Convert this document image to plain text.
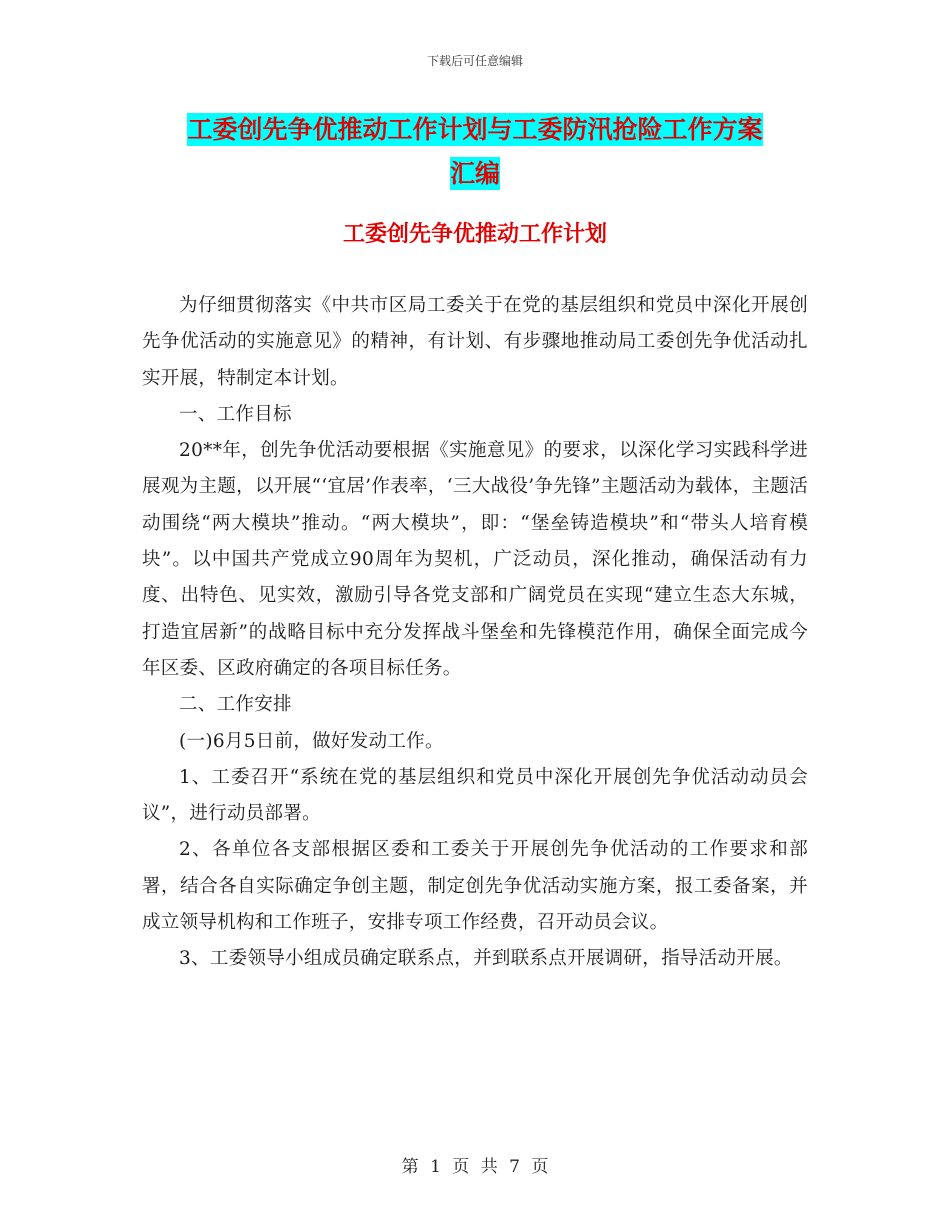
下载后可任意编辑
工委创先争优推动工作计划与工委防汛抢险工作方案
汇编
工委创先争优推动工作计划

为仔细贯彻落实《中共市区局工委关于在党的基层组织和党员中深化开展创先争优活动的实施意见》的精神，有计划、有步骤地推动局工委创先争优活动扎实开展，特制定本计划。

一、工作目标

20**年，创先争优活动要根据《实施意见》的要求，以深化学习实践科学进展观为主题，以开展“‘宜居’作表率，‘三大战役’争先锋”主题活动为载体，主题活动围绕“两大模块”推动。“两大模块”，即：“堡垒铸造模块”和“带头人培育模块”。以中国共产党成立90周年为契机，广泛动员，深化推动，确保活动有力度、出特色、见实效，激励引导各党支部和广阔党员在实现“建立生态大东城，打造宜居新”的战略目标中充分发挥战斗堡垒和先锋模范作用，确保全面完成今年区委、区政府确定的各项目标任务。

二、工作安排

(一)6月5日前，做好发动工作。

1、工委召开“系统在党的基层组织和党员中深化开展创先争优活动动员会议”，进行动员部署。

2、各单位各支部根据区委和工委关于开展创先争优活动的工作要求和部署，结合各自实际确定争创主题，制定创先争优活动实施方案，报工委备案，并成立领导机构和工作班子，安排专项工作经费，召开动员会议。

3、工委领导小组成员确定联系点，并到联系点开展调研，指导活动开展。

第 1 页 共 7 页
